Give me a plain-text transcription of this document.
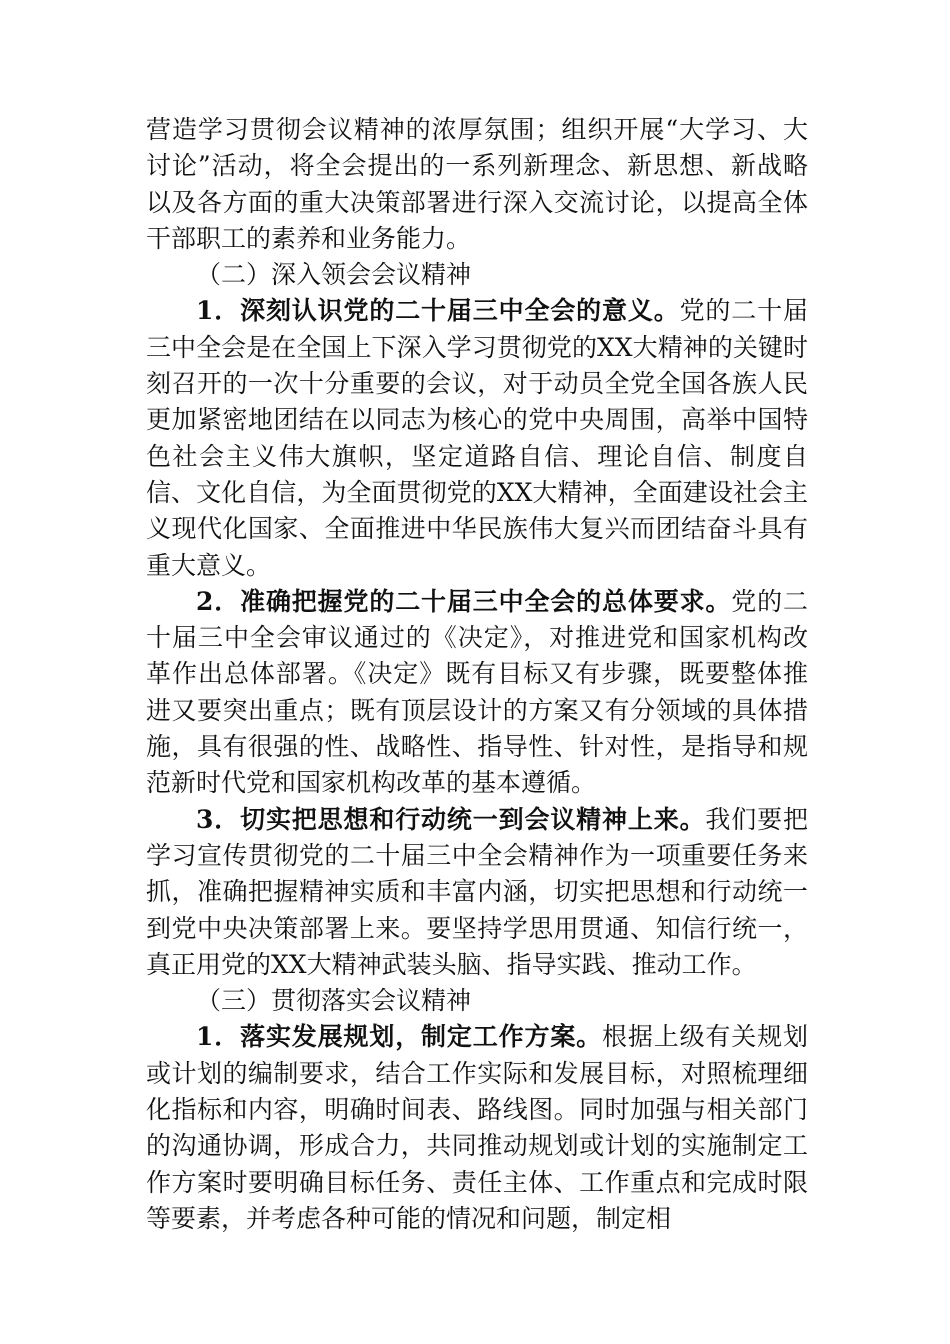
营造学习贯彻会议精神的浓厚氛围；组织开展“大学习、大讨论”活动，将全会提出的一系列新理念、新思想、新战略以及各方面的重大决策部署进行深入交流讨论，以提高全体干部职工的素养和业务能力。

（二）深入领会会议精神

1．深刻认识党的二十届三中全会的意义。党的二十届三中全会是在全国上下深入学习贯彻党的XX大精神的关键时刻召开的一次十分重要的会议，对于动员全党全国各族人民更加紧密地团结在以同志为核心的党中央周围，高举中国特色社会主义伟大旗帜，坚定道路自信、理论自信、制度自信、文化自信，为全面贯彻党的XX大精神，全面建设社会主义现代化国家、全面推进中华民族伟大复兴而团结奋斗具有重大意义。

2．准确把握党的二十届三中全会的总体要求。党的二十届三中全会审议通过的《决定》，对推进党和国家机构改革作出总体部署。《决定》既有目标又有步骤，既要整体推进又要突出重点；既有顶层设计的方案又有分领域的具体措施，具有很强的性、战略性、指导性、针对性，是指导和规范新时代党和国家机构改革的基本遵循。

3．切实把思想和行动统一到会议精神上来。我们要把学习宣传贯彻党的二十届三中全会精神作为一项重要任务来抓，准确把握精神实质和丰富内涵，切实把思想和行动统一到党中央决策部署上来。要坚持学思用贯通、知信行统一，真正用党的XX大精神武装头脑、指导实践、推动工作。

（三）贯彻落实会议精神

1．落实发展规划，制定工作方案。根据上级有关规划或计划的编制要求，结合工作实际和发展目标，对照梳理细化指标和内容，明确时间表、路线图。同时加强与相关部门的沟通协调，形成合力，共同推动规划或计划的实施制定工作方案时要明确目标任务、责任主体、工作重点和完成时限等要素，并考虑各种可能的情况和问题，制定相
